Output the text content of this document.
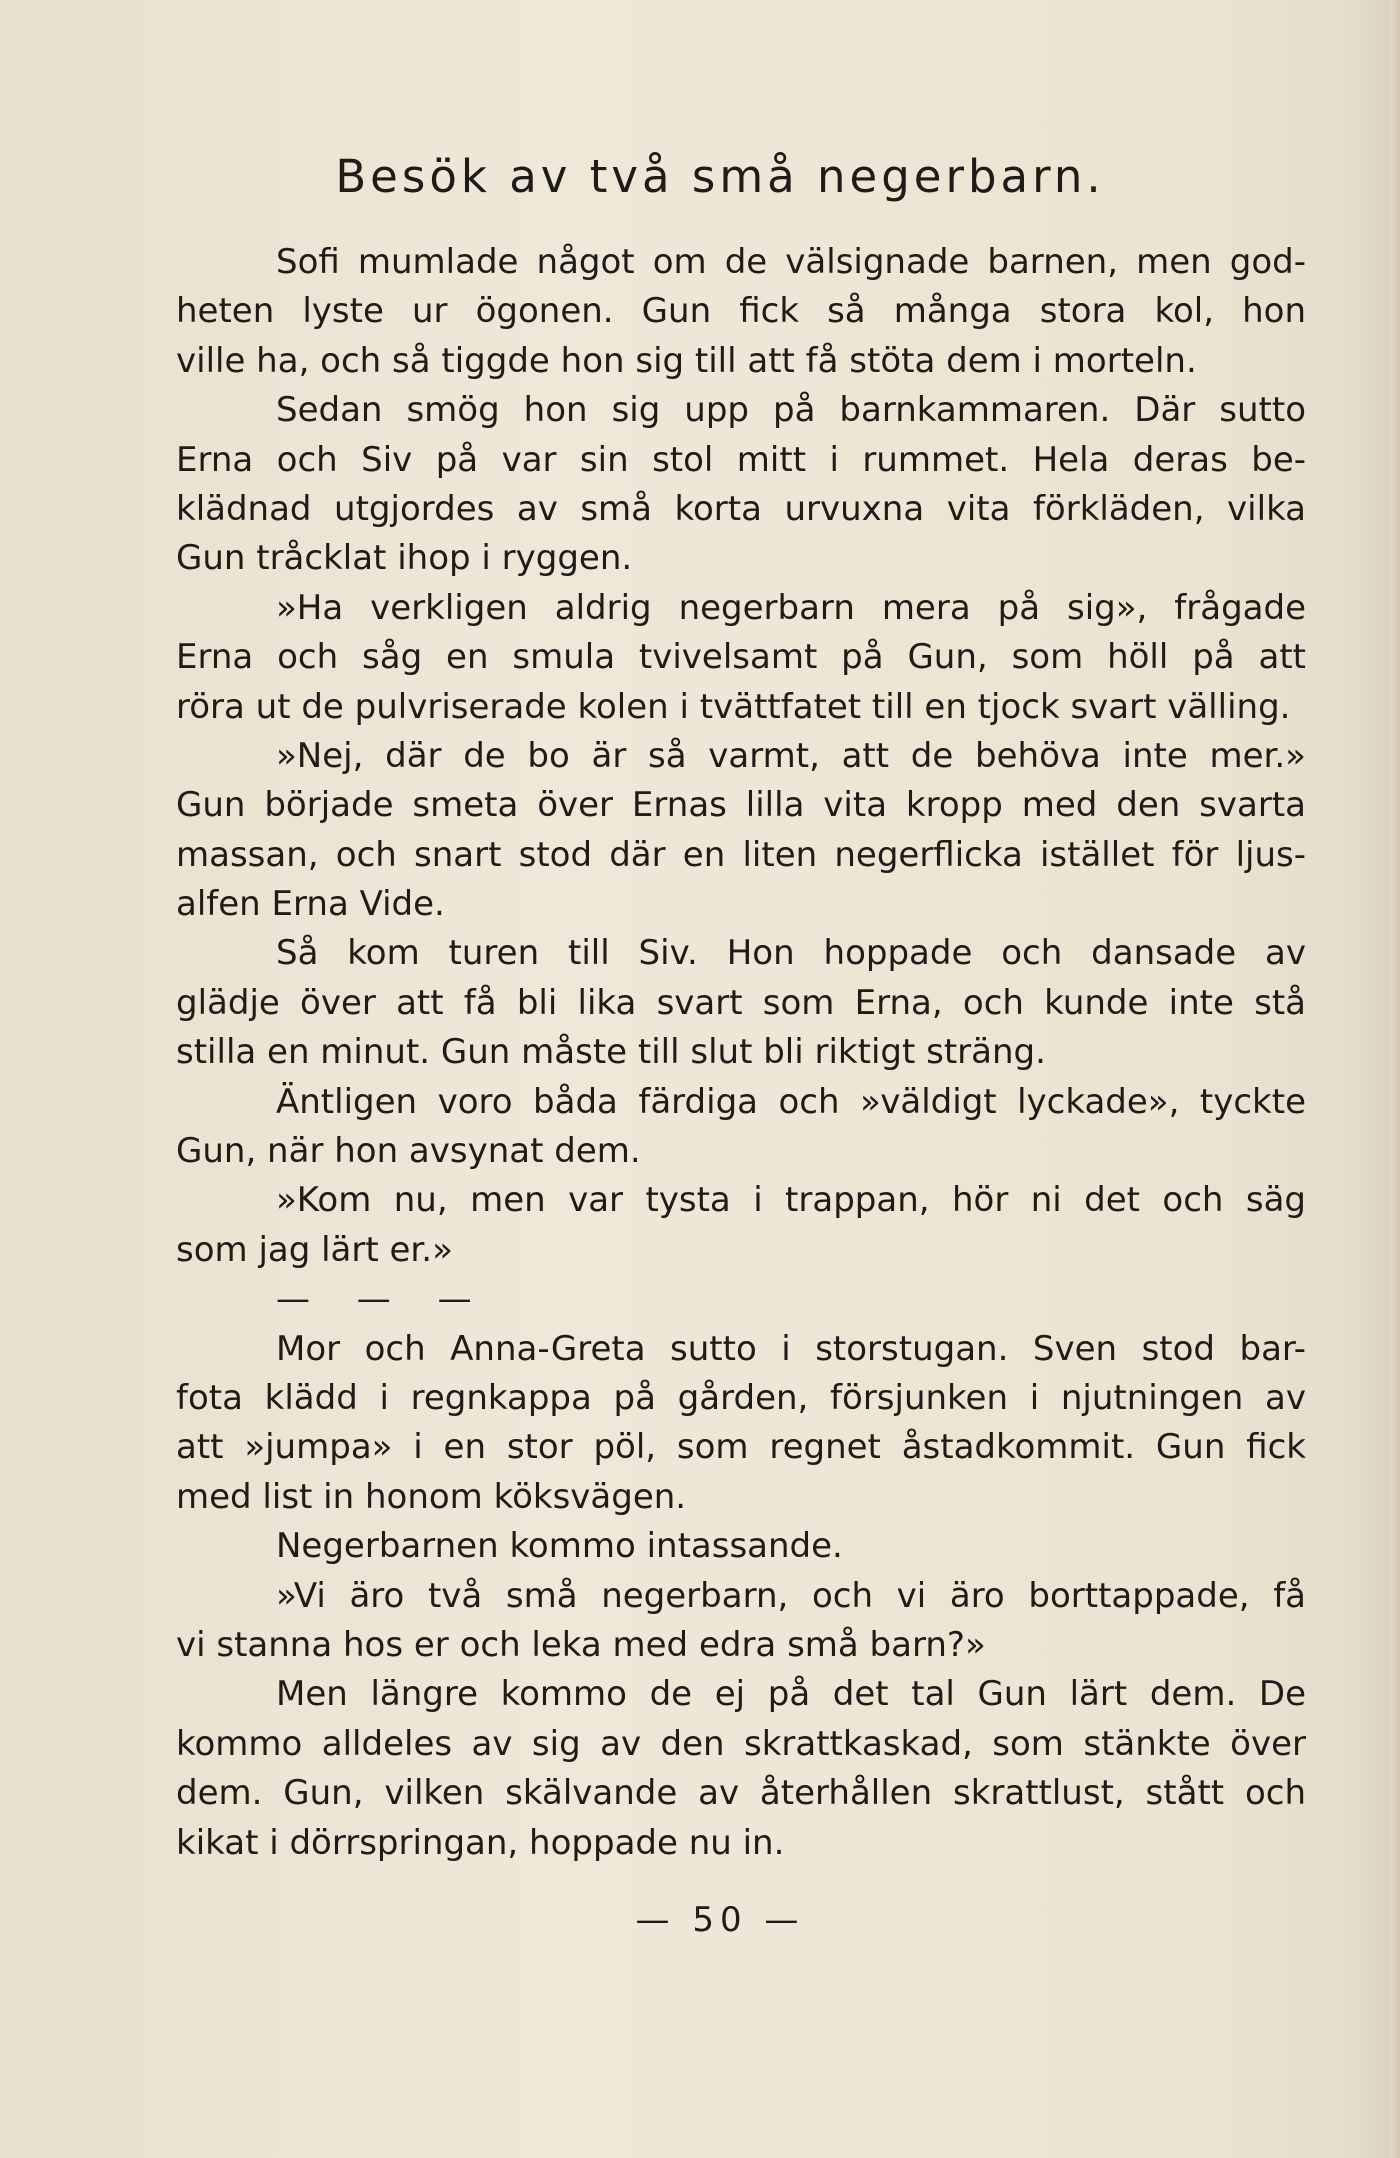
Besök av två små negerbarn.
Sofi mumlade något om de välsignade barnen, men god-
heten lyste ur ögonen. Gun fick så många stora kol, hon
ville ha, och så tiggde hon sig till att få stöta dem i morteln.
Sedan smög hon sig upp på barnkammaren. Där sutto
Erna och Siv på var sin stol mitt i rummet. Hela deras be-
klädnad utgjordes av små korta urvuxna vita förkläden, vilka
Gun tråcklat ihop i ryggen.
»Ha verkligen aldrig negerbarn mera på sig», frågade
Erna och såg en smula tvivelsamt på Gun, som höll på att
röra ut de pulvriserade kolen i tvättfatet till en tjock svart välling.
»Nej, där de bo är så varmt, att de behöva inte mer.»
Gun började smeta över Ernas lilla vita kropp med den svarta
massan, och snart stod där en liten negerflicka istället för ljus-
alfen Erna Vide.
Så kom turen till Siv. Hon hoppade och dansade av
glädje över att få bli lika svart som Erna, och kunde inte stå
stilla en minut. Gun måste till slut bli riktigt sträng.
Äntligen voro båda färdiga och »väldigt lyckade», tyckte
Gun, när hon avsynat dem.
»Kom nu, men var tysta i trappan, hör ni det och säg
som jag lärt er.»
— — —
Mor och Anna-Greta sutto i storstugan. Sven stod bar-
fota klädd i regnkappa på gården, försjunken i njutningen av
att »jumpa» i en stor pöl, som regnet åstadkommit. Gun fick
med list in honom köksvägen.
Negerbarnen kommo intassande.
»Vi äro två små negerbarn, och vi äro borttappade, få
vi stanna hos er och leka med edra små barn?»
Men längre kommo de ej på det tal Gun lärt dem. De
kommo alldeles av sig av den skrattkaskad, som stänkte över
dem. Gun, vilken skälvande av återhållen skrattlust, stått och
kikat i dörrspringan, hoppade nu in.
— 50 —
